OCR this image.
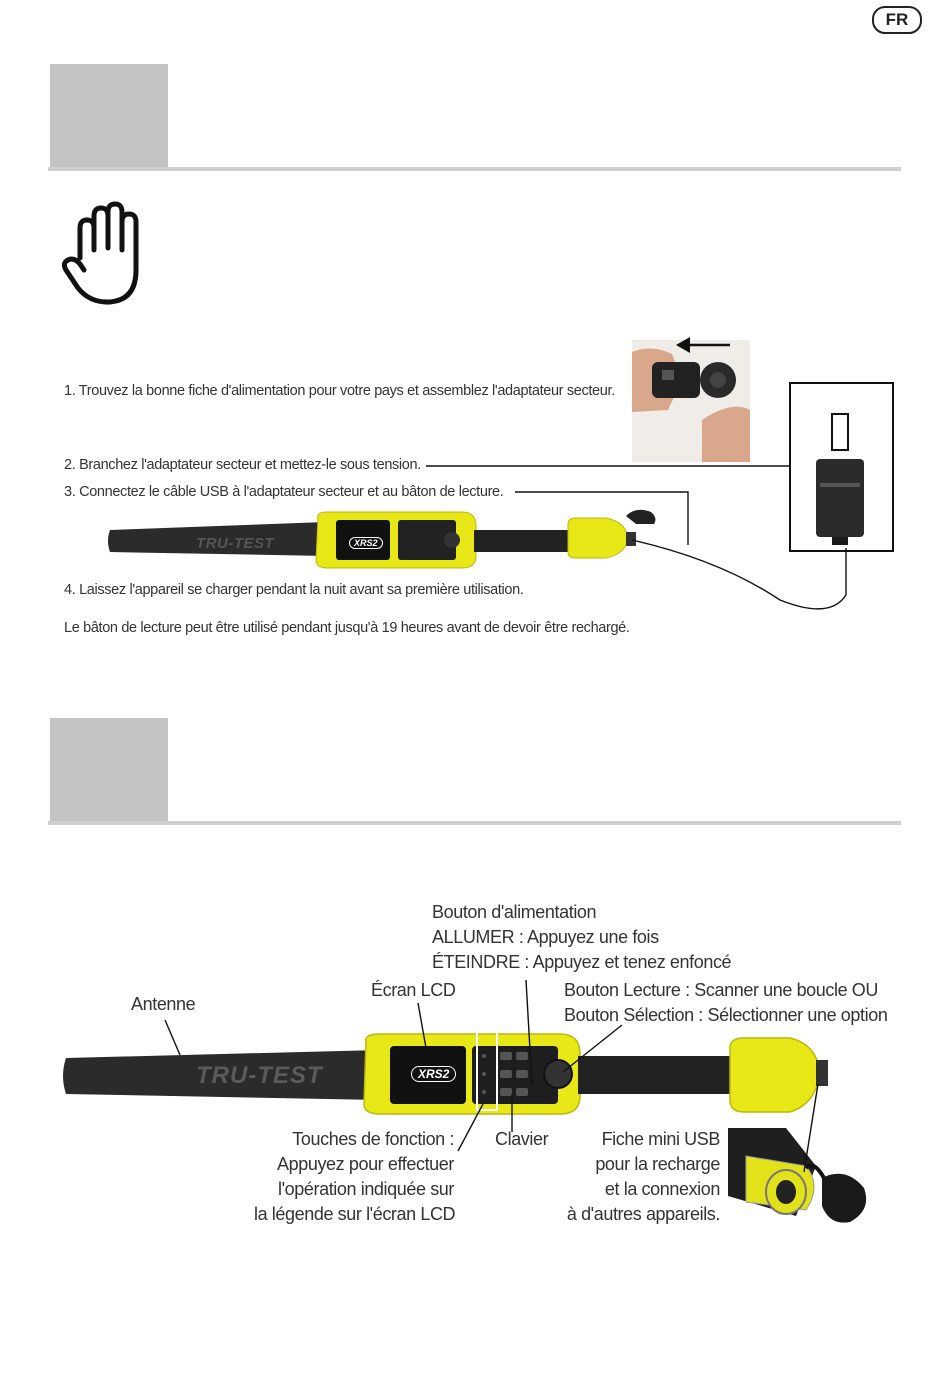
FR
1. Trouvez la bonne fiche d'alimentation pour votre pays et assemblez l'adaptateur secteur.
2. Branchez l'adaptateur secteur et mettez-le sous tension.
3. Connectez le câble USB à l'adaptateur secteur et au bâton de lecture.
4. Laissez l'appareil se charger pendant la nuit avant sa première utilisation.
Le bâton de lecture peut être utilisé pendant jusqu'à 19 heures avant de devoir être rechargé.
TRU-TEST	XRS2
TRU-TEST	XRS2
Bouton d'alimentation
ALLUMER : Appuyez une fois
ÉTEINDRE : Appuyez et tenez enfoncé
Écran LCD
Antenne
Bouton Lecture : Scanner une boucle OU
Bouton Sélection : Sélectionner une option
Touches de fonction :
Appuyez pour effectuer
l'opération indiquée sur
la légende sur l'écran LCD
Clavier	Fiche mini USB
pour la recharge
et la connexion
à d'autres appareils.
